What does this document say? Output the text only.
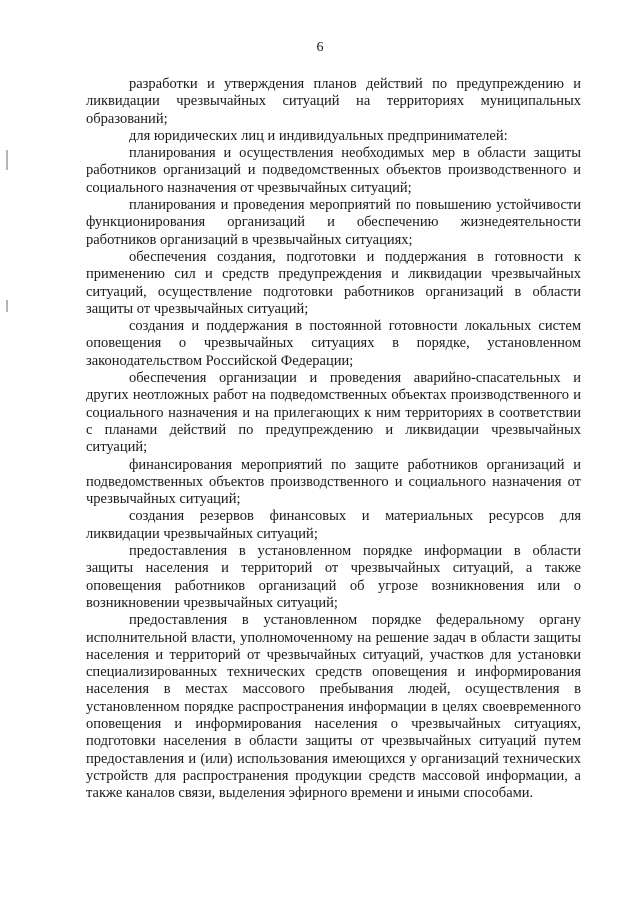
6

разработки и утверждения планов действий по предупреждению и ликвидации чрезвычайных ситуаций на территориях муниципальных образований;

для юридических лиц и индивидуальных предпринимателей:

планирования и осуществления необходимых мер в области защиты работников организаций и подведомственных объектов производственного и социального назначения от чрезвычайных ситуаций;

планирования и проведения мероприятий по повышению устойчивости функционирования организаций и обеспечению жизнедеятельности работников организаций в чрезвычайных ситуациях;

обеспечения создания, подготовки и поддержания в готовности к применению сил и средств предупреждения и ликвидации чрезвычайных ситуаций, осуществление подготовки работников организаций в области защиты от чрезвычайных ситуаций;

создания и поддержания в постоянной готовности локальных систем оповещения о чрезвычайных ситуациях в порядке, установленном законодательством Российской Федерации;

обеспечения организации и проведения аварийно-спасательных и других неотложных работ на подведомственных объектах производственного и социального назначения и на прилегающих к ним территориях в соответствии с планами действий по предупреждению и ликвидации чрезвычайных ситуаций;

финансирования мероприятий по защите работников организаций и подведомственных объектов производственного и социального назначения от чрезвычайных ситуаций;

создания резервов финансовых и материальных ресурсов для ликвидации чрезвычайных ситуаций;

предоставления в установленном порядке информации в области защиты населения и территорий от чрезвычайных ситуаций, а также оповещения работников организаций об угрозе возникновения или о возникновении чрезвычайных ситуаций;

предоставления в установленном порядке федеральному органу исполнительной власти, уполномоченному на решение задач в области защиты населения и территорий от чрезвычайных ситуаций, участков для установки специализированных технических средств оповещения и информирования населения в местах массового пребывания людей, осуществления в установленном порядке распространения информации в целях своевременного оповещения и информирования населения о чрезвычайных ситуациях, подготовки населения в области защиты от чрезвычайных ситуаций путем предоставления и (или) использования имеющихся у организаций технических устройств для распространения продукции средств массовой информации, а также каналов связи, выделения эфирного времени и иными способами.
